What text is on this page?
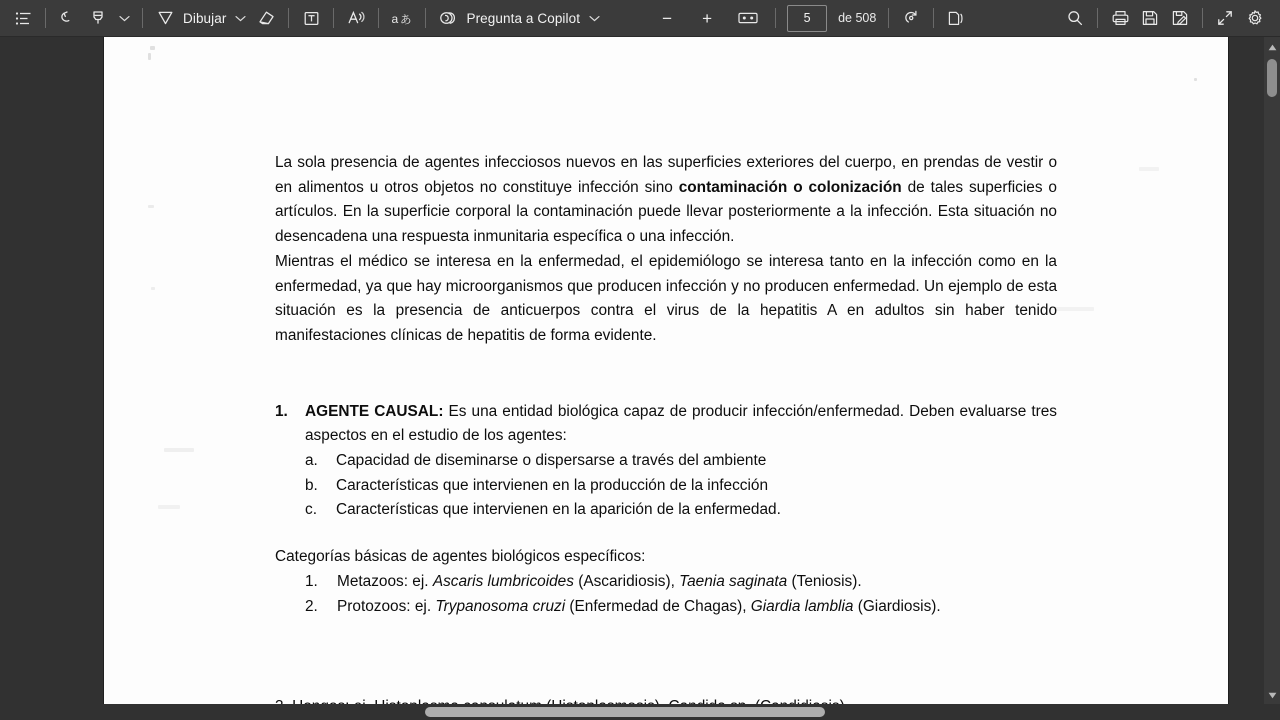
Dibujar	a あ	Pregunta a Copilot	−	+	5	de 508

La sola presencia de agentes infecciosos nuevos en las superficies exteriores del cuerpo, en prendas de vestir o en alimentos u otros objetos no constituye infección sino contaminación o colonización de tales superficies o artículos. En la superficie corporal la contaminación puede llevar posteriormente a la infección. Esta situación no desencadena una respuesta inmunitaria específica o una infección.

Mientras el médico se interesa en la enfermedad, el epidemiólogo se interesa tanto en la infección como en la enfermedad, ya que hay microorganismos que producen infección y no producen enfermedad. Un ejemplo de esta situación es la presencia de anticuerpos contra el virus de la hepatitis A en adultos sin haber tenido manifestaciones clínicas de hepatitis de forma evidente.

1.	AGENTE CAUSAL: Es una entidad biológica capaz de producir infección/enfermedad. Deben evaluarse tres aspectos en el estudio de los agentes:
a.	Capacidad de diseminarse o dispersarse a través del ambiente
b.	Características que intervienen en la producción de la infección
c.	Características que intervienen en la aparición de la enfermedad.

Categorías básicas de agentes biológicos específicos:

1.	Metazoos: ej. Ascaris lumbricoides (Ascaridiosis), Taenia saginata (Teniosis).
2.	Protozoos: ej. Trypanosoma cruzi (Enfermedad de Chagas), Giardia lamblia (Giardiosis).
